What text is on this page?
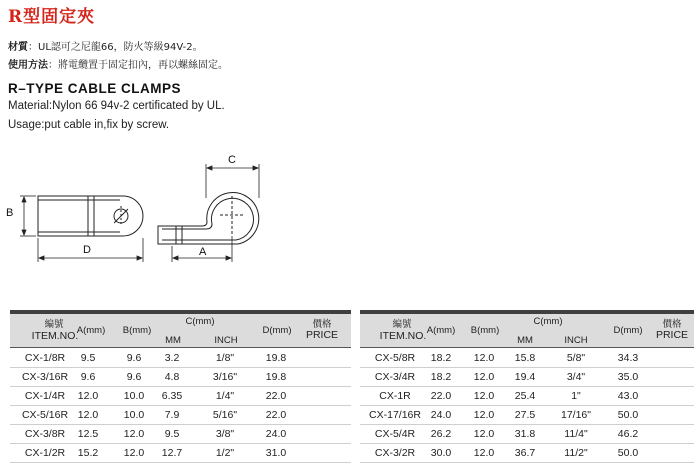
R型固定夾
材質：UL認可之尼龍66，防火等級94V-2。
使用方法：將電纜置于固定扣內，再以螺絲固定。
R–TYPE CABLE CLAMPS
Material:Nylon 66 94v-2 certificated by UL.
Usage:put cable in,fix by screw.
B
D
C
A
編號
ITEM.NO.
A(mm)	B(mm)
C(mm)
MM	INCH
D(mm)
價格
PRICE
CX-1/8R	9.5	9.6	3.2	1/8"	19.8
CX-3/16R	9.6	9.6	4.8	3/16"	19.8
CX-1/4R	12.0	10.0	6.35	1/4"	22.0
CX-5/16R 12.0	10.0	7.9	5/16"	22.0
CX-3/8R	12.5	12.0	9.5	3/8"	24.0
CX-1/2R	15.2	12.0	12.7	1/2"	31.0
編號
ITEM.NO. A(mm)	B(mm)
C(mm)
MM	INCH
D(mm)
價格
PRICE
CX-5/8R	18.2	12.0	15.8	5/8"	34.3
CX-3/4R	18.2	12.0	19.4	3/4"	35.0
CX-1R	22.0	12.0	25.4	1"	43.0
CX-17/16R 24.0	12.0	27.5	17/16"	50.0
CX-5/4R	26.2	12.0	31.8	11/4"	46.2
CX-3/2R	30.0	12.0	36.7	11/2"	50.0
